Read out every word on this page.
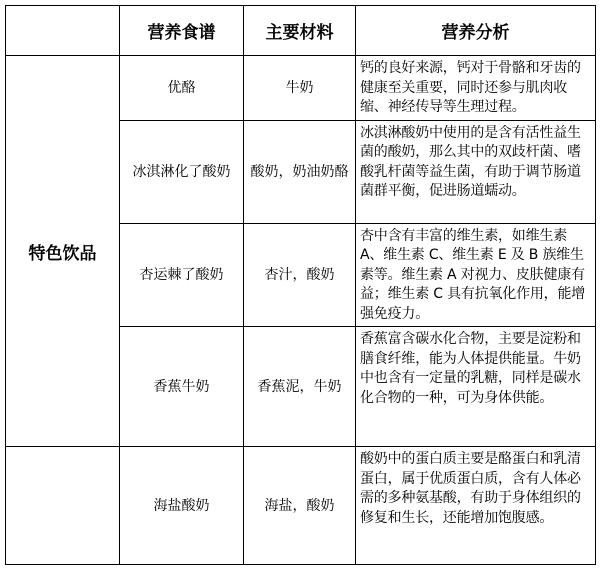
	营养食谱	主要材料	营养分析
特色饮品	优酪	牛奶	钙的良好来源，钙对于骨骼和牙齿的健康至关重要，同时还参与肌肉收缩、神经传导等生理过程。
	冰淇淋化了酸奶	酸奶，奶油奶酪	冰淇淋酸奶中使用的是含有活性益生菌的酸奶，那么其中的双歧杆菌、嗜酸乳杆菌等益生菌，有助于调节肠道菌群平衡，促进肠道蠕动。
	杏运棘了酸奶	杏汁，酸奶	杏中含有丰富的维生素，如维生素 A、维生素 C、维生素 E 及 B 族维生素等。维生素 A 对视力、皮肤健康有益；维生素 C 具有抗氧化作用，能增强免疫力。
	香蕉牛奶	香蕉泥，牛奶	香蕉富含碳水化合物，主要是淀粉和膳食纤维，能为人体提供能量。牛奶中也含有一定量的乳糖，同样是碳水化合物的一种，可为身体供能。
	海盐酸奶	海盐，酸奶	酸奶中的蛋白质主要是酪蛋白和乳清蛋白，属于优质蛋白质，含有人体必需的多种氨基酸，有助于身体组织的修复和生长，还能增加饱腹感。
